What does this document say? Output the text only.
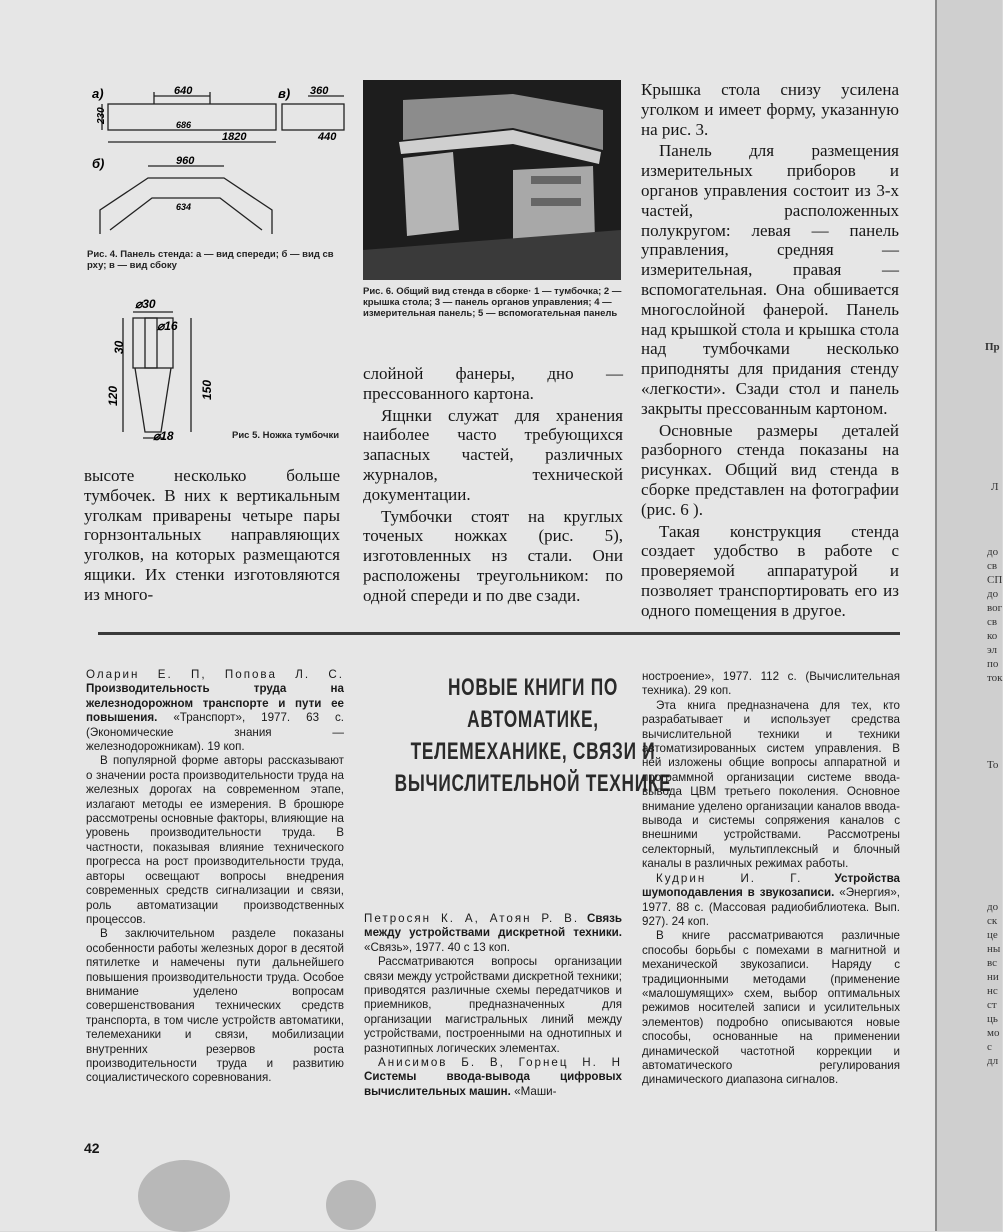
а)	в)
б)
640
230
686
1820
360
440
960
634
Рис. 4. Панель стенда: а — вид спереди; б — вид св рху; в — вид сбоку
⌀30
⌀16
30
120	150
⌀18	Рис 5. Ножка тумбочки
Рис. 6. Общий вид стенда в сборке· 1 — тумбочка; 2 — крышка стола; 3 — панель органов управления; 4 — измерительная панель; 5 — вспомогательная панель

высоте несколько больше тумбочек. В них к вертикальным уголкам приварены четыре пары горнзонтальных направляющих уголков, на которых размещаются ящики. Их стенки изготовляются из много-

слойной фанеры, дно — прессованного картона.

Ящнки служат для хранения наиболее часто требующихся запасных частей, различных журналов, технической документации.

Тумбочки стоят на круглых точеных ножках (рис. 5), изготовленных нз стали. Они расположены треугольником: по одной спереди и по две сзади.

Крышка стола снизу усилена уголком и имеет форму, указанную на рис. 3.

Панель для размещения измерительных приборов и органов управления состоит из 3-х частей, расположенных полукругом: левая — панель управления, средняя — измерительная, правая — вспомогательная. Она обшивается многослойной фанерой. Панель над крышкой стола и крышка стола над тумбочками несколько приподняты для придания стенду «легкости». Сзади стол и панель закрыты прессованным картоном.

Основные размеры деталей разборного стенда показаны на рисунках. Общий вид стенда в сборке представлен на фотографии (рис. 6 ).

Такая конструкция стенда создает удобство в работе с проверяемой аппаратурой и позволяет транспортировать его из одного помещения в другое.

НОВЫЕ КНИГИ ПО АВТОМАТИКЕ, ТЕЛЕМЕХАНИКЕ, СВЯЗИ И ВЫЧИСЛИТЕЛЬНОЙ ТЕХНИКЕ

Оларин Е. П, Попова Л. С. Производительность труда на железнодорожном транспорте и пути ее повышения. «Транспорт», 1977. 63 с. (Экономические знания — железнодорожникам). 19 коп.

В популярной форме авторы рассказывают о значении роста производительности труда на железных дорогах на современном этапе, излагают методы ее измерения. В брошюре рассмотрены основные факторы, влияющие на уровень производительности труда. В частности, показывая влияние технического прогресса на рост производительности труда, авторы освещают вопросы внедрения современных средств сигнализации и связи, роль автоматизации производственных процессов.

В заключительном разделе показаны особенности работы железных дорог в десятой пятилетке и намечены пути дальнейшего повышения производительности труда. Особое внимание уделено вопросам совершенствования технических средств транспорта, в том числе устройств автоматики, телемеханики и связи, мобилизации внутренних резервов роста производительности труда и развитию социалистического соревнования.

Петросян К. А, Атоян Р. В. Связь между устройствами дискретной техники. «Связь», 1977. 40 с 13 коп.

Рассматриваются вопросы организации связи между устройствами дискретной техники; приводятся различные схемы передатчиков и приемников, предназначенных для организации магистральных линий между устройствами, построенными на однотипных и разнотипных логических элементах.

Анисимов Б. В, Горнец Н. Н Системы ввода-вывода цифровых вычислительных машин. «Маши-

ностроение», 1977. 112 с. (Вычислительная техника). 29 коп.

Эта книга предназначена для тех, кто разрабатывает и использует средства вычислительной техники и техники автоматизированных систем управления. В ней изложены общие вопросы аппаратной и программной организации системе ввода-вывода ЦВМ третьего поколения. Основное внимание уделено организации каналов ввода-вывода и системы сопряжения каналов с внешними устройствами. Рассмотрены селекторный, мультиплексный и блочный каналы в различных режимах работы.

Кудрин И. Г.	Устройства шумоподавления в звукозаписи. «Энергия», 1977. 88 с. (Массовая радиобиблиотека. Вып. 927). 24 коп.

В книге рассматриваются различные способы борьбы с помехами в магнитной и механической звукозаписи. Наряду с традиционными методами (применение «малошумящих» схем, выбор оптимальных режимов носителей записи и усилительных элементов) подробно описываются новые способы, основанные на применении динамической частотной коррекции и автоматического регулирования динамического диапазона сигналов.

42
Пр
Л
до св СП до вог св ко эл по ток
То
до ск це ны вс ни нс ст ць мо с дл
